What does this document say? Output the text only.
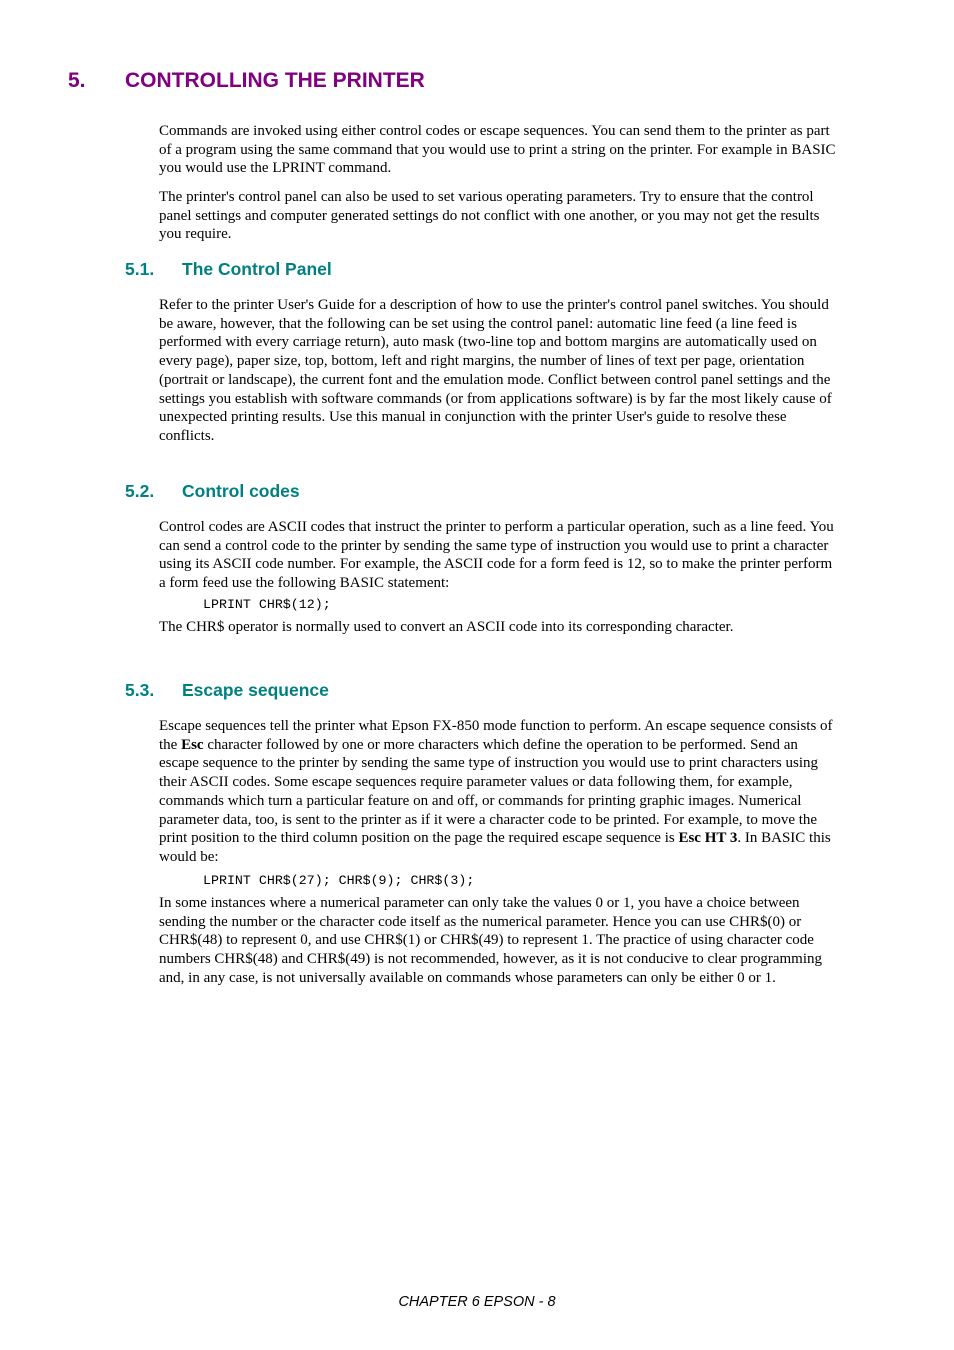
5. CONTROLLING THE PRINTER

Commands are invoked using either control codes or escape sequences. You can send them to the printer as part of a program using the same command that you would use to print a string on the printer. For example in BASIC you would use the LPRINT command.

The printer's control panel can also be used to set various operating parameters. Try to ensure that the control panel settings and computer generated settings do not conflict with one another, or you may not get the results you require.

5.1. The Control Panel

Refer to the printer User's Guide for a description of how to use the printer's control panel switches. You should be aware, however, that the following can be set using the control panel: automatic line feed (a line feed is performed with every carriage return), auto mask (two-line top and bottom margins are automatically used on every page), paper size, top, bottom, left and right margins, the number of lines of text per page, orientation (portrait or landscape), the current font and the emulation mode. Conflict between control panel settings and the settings you establish with software commands (or from applications software) is by far the most likely cause of unexpected printing results. Use this manual in conjunction with the printer User's guide to resolve these conflicts.

5.2. Control codes

Control codes are ASCII codes that instruct the printer to perform a particular operation, such as a line feed. You can send a control code to the printer by sending the same type of instruction you would use to print a character using its ASCII code number. For example, the ASCII code for a form feed is 12, so to make the printer perform a form feed use the following BASIC statement:

LPRINT CHR$(12);

The CHR$ operator is normally used to convert an ASCII code into its corresponding character.

5.3. Escape sequence

Escape sequences tell the printer what Epson FX-850 mode function to perform. An escape sequence consists of the Esc character followed by one or more characters which define the operation to be performed. Send an escape sequence to the printer by sending the same type of instruction you would use to print characters using their ASCII codes. Some escape sequences require parameter values or data following them, for example, commands which turn a particular feature on and off, or commands for printing graphic images. Numerical parameter data, too, is sent to the printer as if it were a character code to be printed. For example, to move the print position to the third column position on the page the required escape sequence is Esc HT 3. In BASIC this would be:

LPRINT CHR$(27); CHR$(9); CHR$(3);

In some instances where a numerical parameter can only take the values 0 or 1, you have a choice between sending the number or the character code itself as the numerical parameter. Hence you can use CHR$(0) or CHR$(48) to represent 0, and use CHR$(1) or CHR$(49) to represent 1. The practice of using character code numbers CHR$(48) and CHR$(49) is not recommended, however, as it is not conducive to clear programming and, in any case, is not universally available on commands whose parameters can only be either 0 or 1.

CHAPTER 6 EPSON - 8
